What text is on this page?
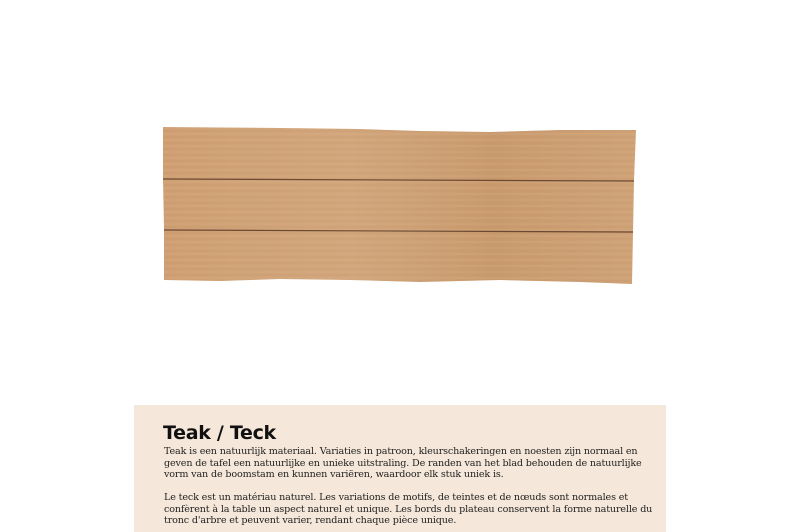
Teak / Teck

Teak is een natuurlijk materiaal. Variaties in patroon, kleurschakeringen en noesten zijn normaal en geven de tafel een natuurlijke en unieke uitstraling. De randen van het blad behouden de natuurlijke vorm van de boomstam en kunnen variëren, waardoor elk stuk uniek is.

Le teck est un matériau naturel. Les variations de motifs, de teintes et de nœuds sont normales et confèrent à la table un aspect naturel et unique. Les bords du plateau conservent la forme naturelle du tronc d'arbre et peuvent varier, rendant chaque pièce unique.
